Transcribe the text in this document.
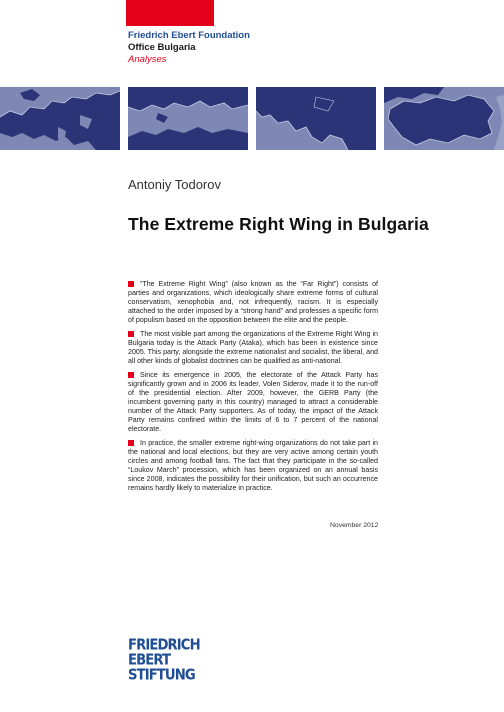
Friedrich Ebert Foundation
Office Bulgaria
Analyses
Antoniy Todorov
The Extreme Right Wing in Bulgaria

“The Extreme Right Wing” (also known as the “Far Right”) consists of parties and organizations, which ideologically share extreme forms of cultural conservatism, xenophobia and, not infrequently, racism. It is especially attached to the order imposed by a “strong hand” and professes a specific form of populism based on the opposition between the elite and the people.

The most visible part among the organizations of the Extreme Right Wing in Bulgaria today is the Attack Party (Ataka), which has been in existence since 2005. This party, alongside the extreme nationalist and socialist, the liberal, and all other kinds of globalist doctrines can be qualified as anti-national.

Since its emergence in 2005, the electorate of the Attack Party has significantly grown and in 2006 its leader, Volen Siderov, made it to the run-off of the presidential election. After 2009, however, the GERB Party (the incumbent governing party in this country) managed to attract a considerable number of the Attack Party supporters. As of today, the impact of the Attack Party remains confined within the limits of 6 to 7 percent of the national electorate.

In practice, the smaller extreme right-wing organizations do not take part in the national and local elections, but they are very active among certain youth circles and among football fans. The fact that they participate in the so-called “Loukov March” procession, which has been organized on an annual basis since 2008, indicates the possibility for their unification, but such an occurrence remains hardly likely to materialize in practice.

November 2012
FRIEDRICH
EBERT
STIFTUNG
